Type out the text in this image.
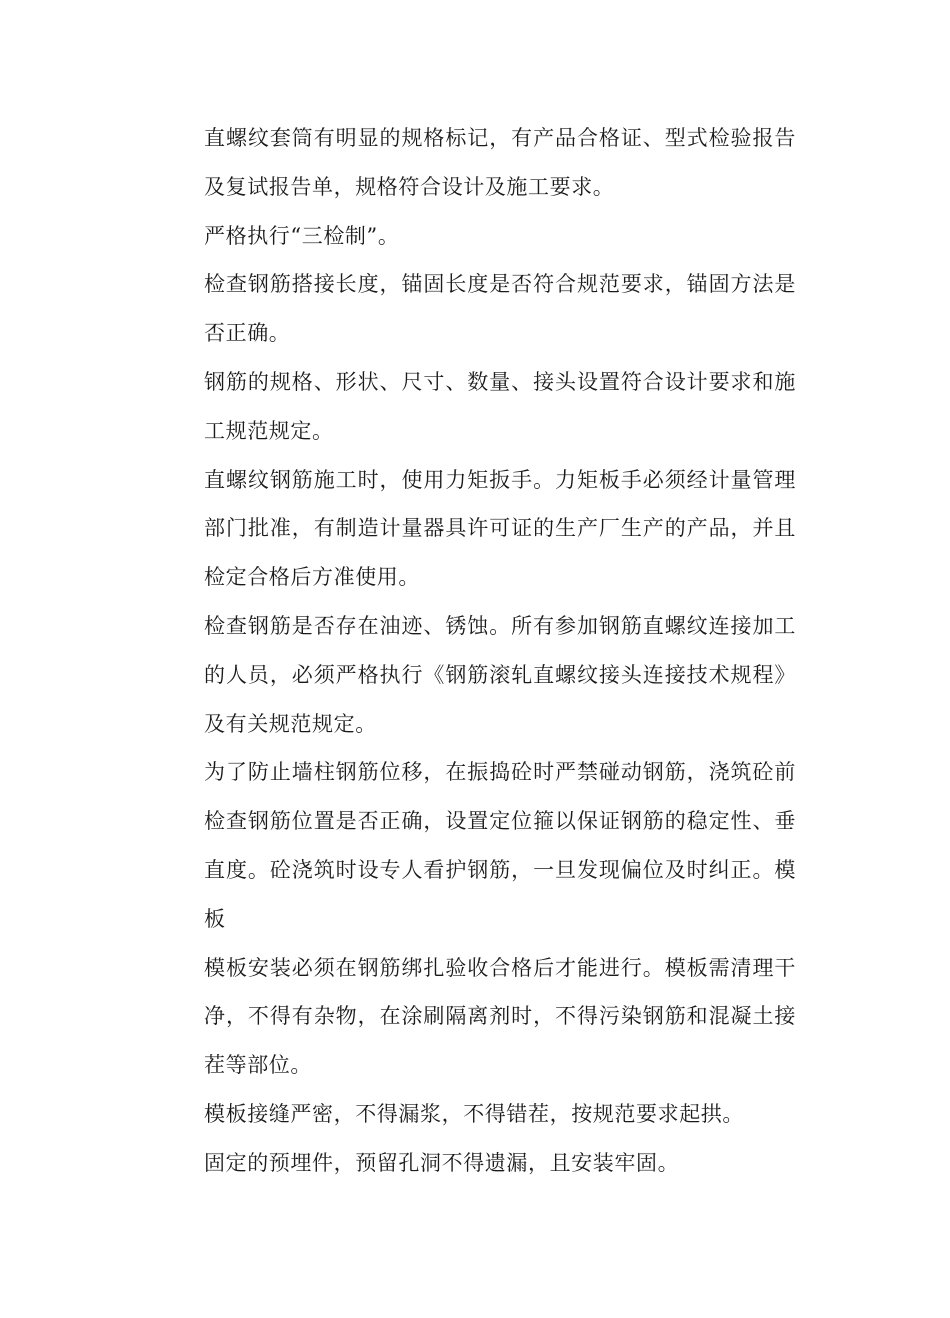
直螺纹套筒有明显的规格标记，有产品合格证、型式检验报告及复试报告单，规格符合设计及施工要求。

严格执行“三检制”。

检查钢筋搭接长度，锚固长度是否符合规范要求，锚固方法是否正确。

钢筋的规格、形状、尺寸、数量、接头设置符合设计要求和施工规范规定。

直螺纹钢筋施工时，使用力矩扳手。力矩板手必须经计量管理部门批准，有制造计量器具许可证的生产厂生产的产品，并且检定合格后方准使用。

检查钢筋是否存在油迹、锈蚀。所有参加钢筋直螺纹连接加工的人员，必须严格执行《钢筋滚轧直螺纹接头连接技术规程》及有关规范规定。

为了防止墙柱钢筋位移，在振捣砼时严禁碰动钢筋，浇筑砼前检查钢筋位置是否正确，设置定位箍以保证钢筋的稳定性、垂直度。砼浇筑时设专人看护钢筋，一旦发现偏位及时纠正。模板

模板安装必须在钢筋绑扎验收合格后才能进行。模板需清理干净，不得有杂物，在涂刷隔离剂时，不得污染钢筋和混凝土接茬等部位。

模板接缝严密，不得漏浆，不得错茬，按规范要求起拱。

固定的预埋件，预留孔洞不得遗漏，且安装牢固。
